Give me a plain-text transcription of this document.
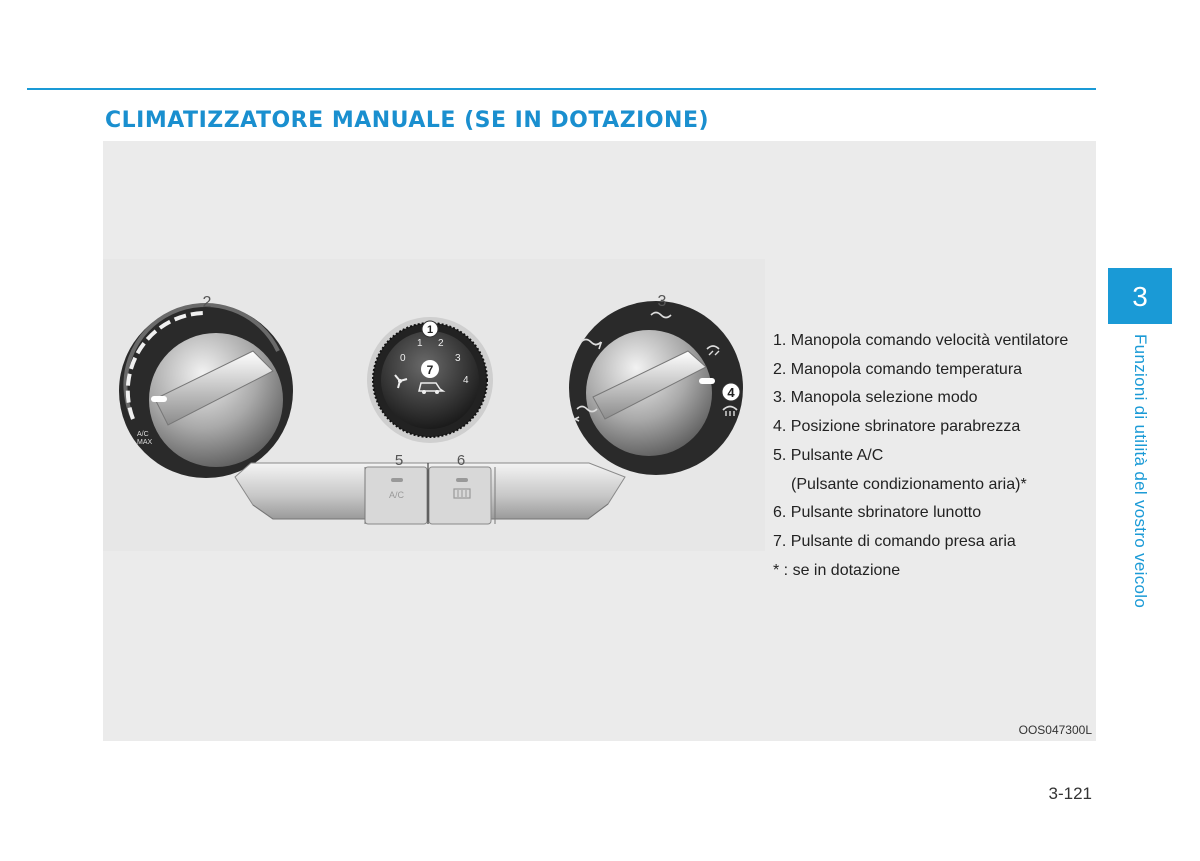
CLIMATIZZATORE MANUALE (SE IN DOTAZIONE)
A/C
MAX
0
1 2
3
4
A/C
1
2	3
4
5	6
7
1. Manopola comando velocità ventilatore
2. Manopola comando temperatura
3. Manopola selezione modo
4. Posizione sbrinatore parabrezza
5. Pulsante A/C
(Pulsante condizionamento aria)*
6. Pulsante sbrinatore lunotto
7. Pulsante di comando presa aria
* : se in dotazione
OOS047300L
3
Funzioni di utilità del vostro veicolo
3-121
